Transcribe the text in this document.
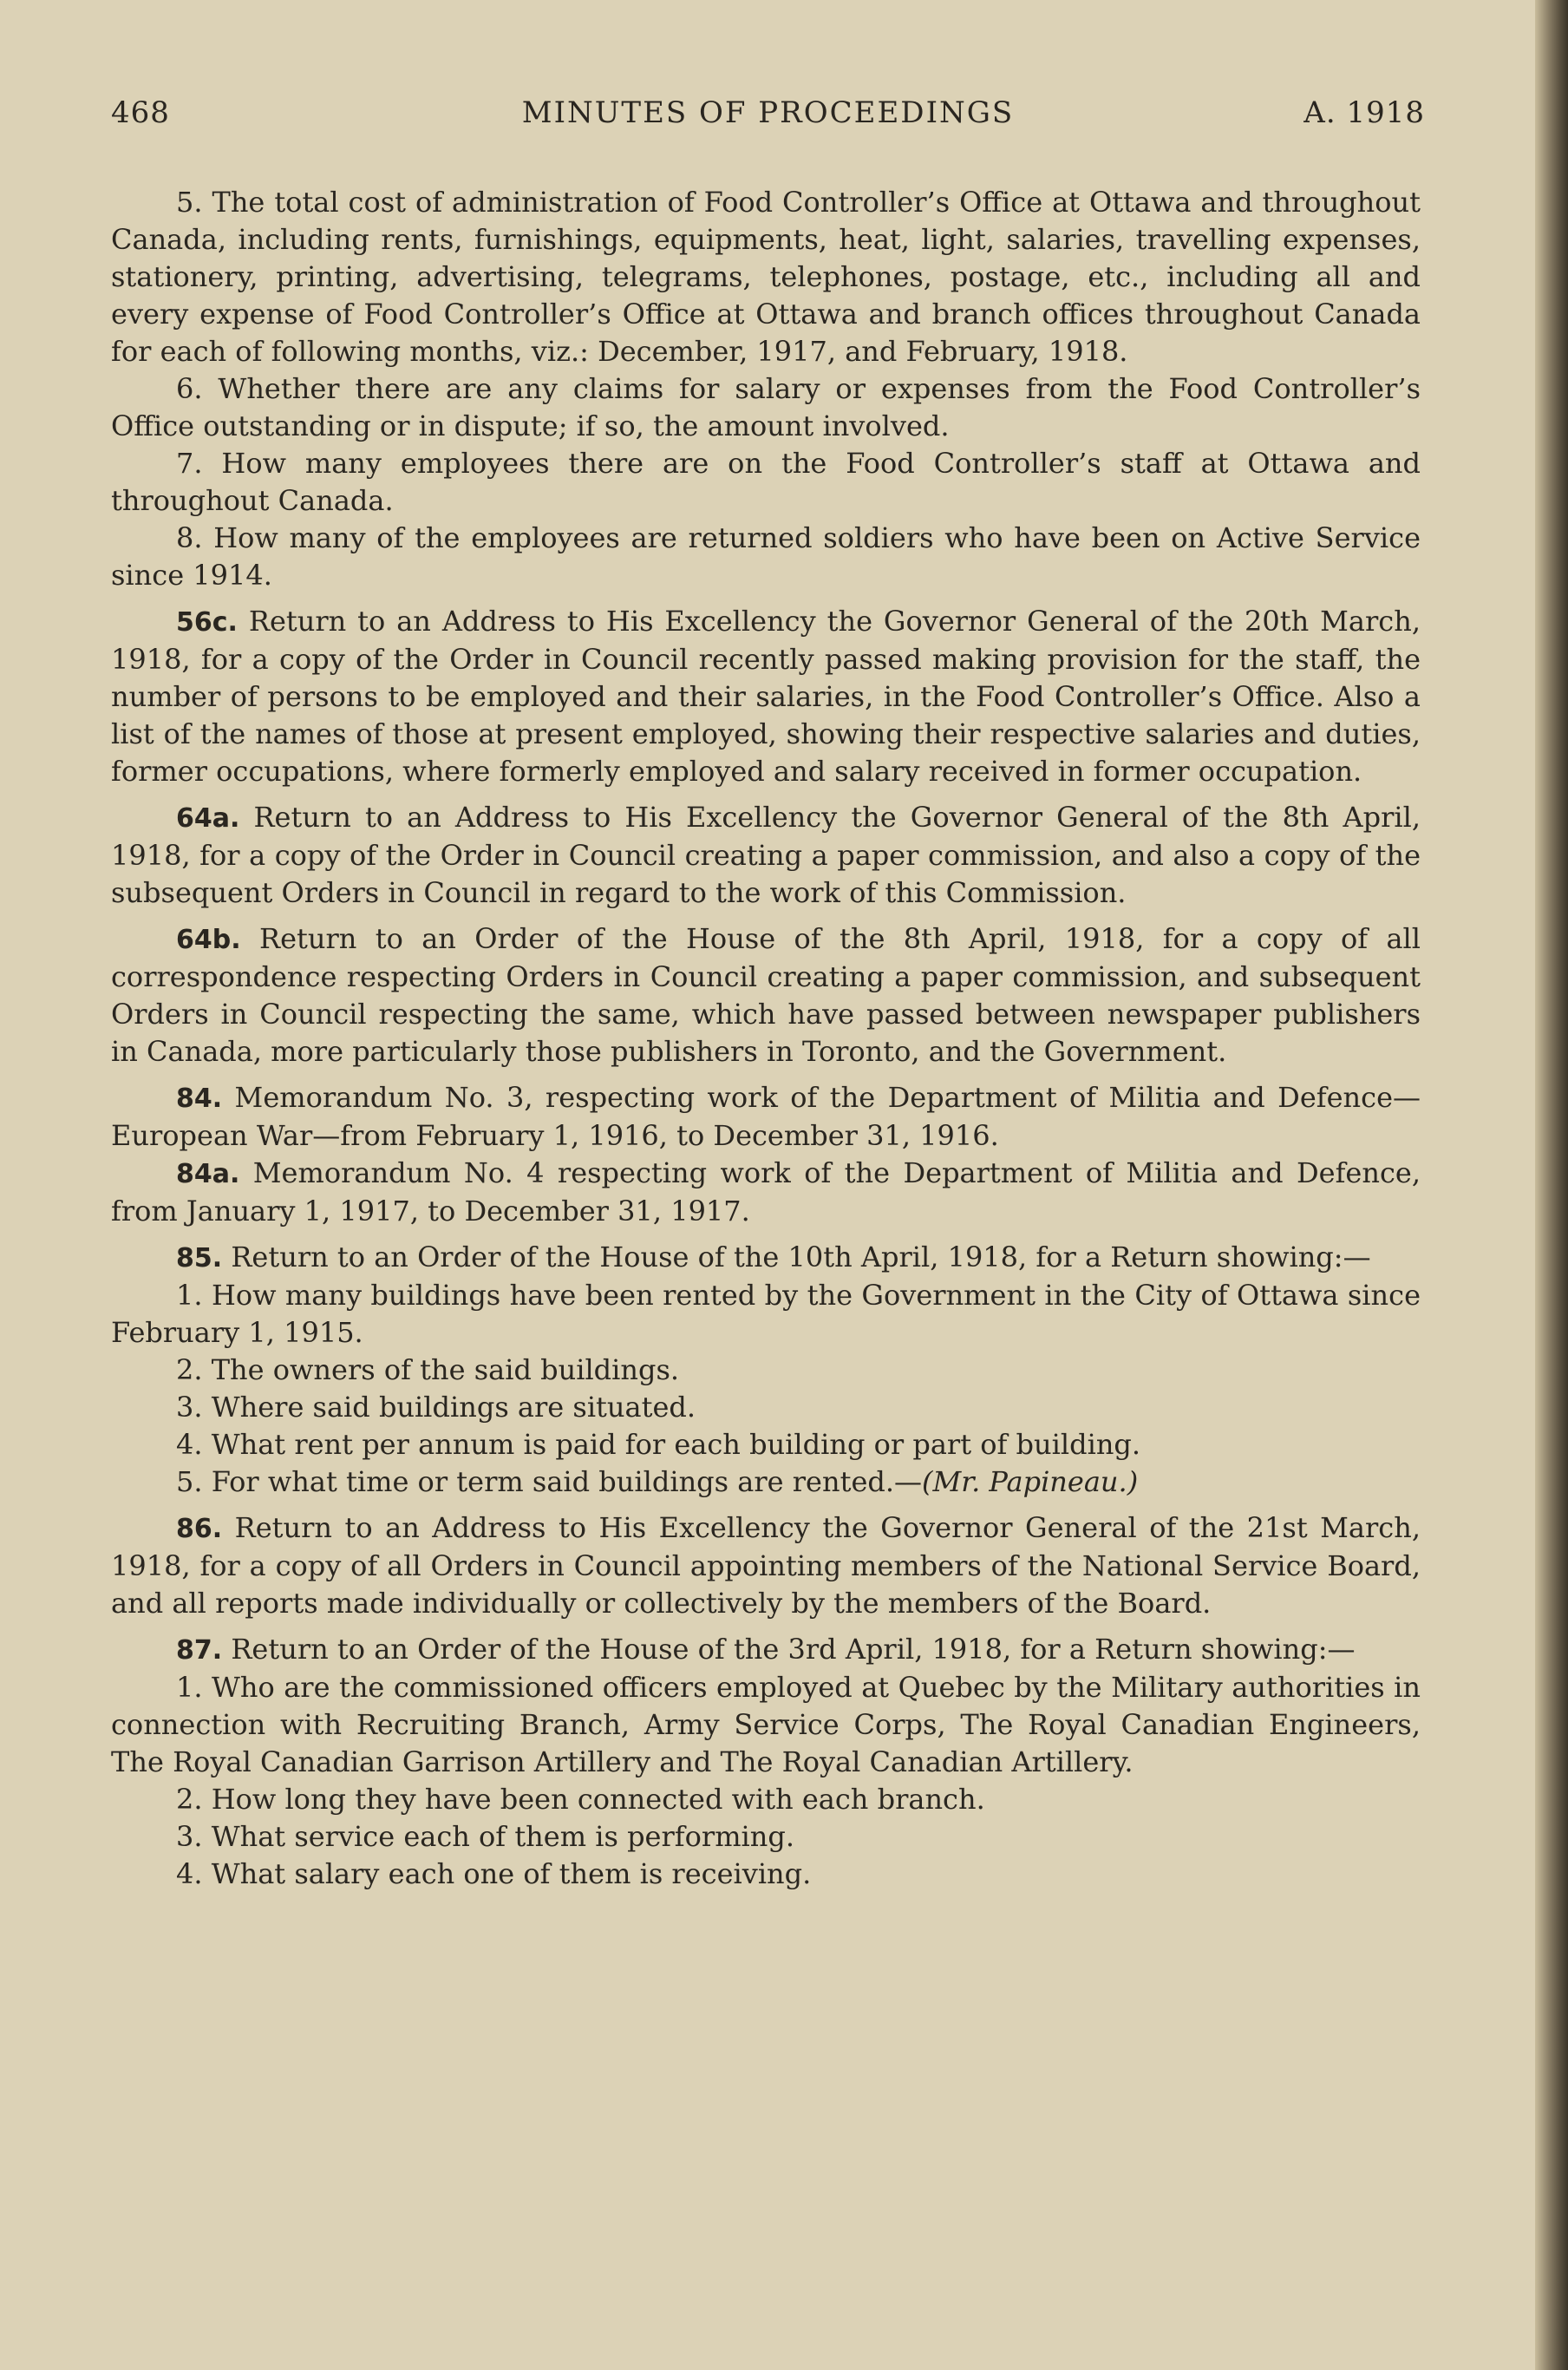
468	MINUTES OF PROCEEDINGS	A. 1918

5. The total cost of administration of Food Controller’s Office at Ottawa and throughout Canada, including rents, furnishings, equipments, heat, light, salaries, travelling expenses, stationery, printing, advertising, telegrams, telephones, postage, etc., including all and every expense of Food Controller’s Office at Ottawa and branch offices throughout Canada for each of following months, viz.: December, 1917, and February, 1918.

6. Whether there are any claims for salary or expenses from the Food Controller’s Office outstanding or in dispute; if so, the amount involved.

7. How many employees there are on the Food Controller’s staff at Ottawa and throughout Canada.

8. How many of the employees are returned soldiers who have been on Active Service since 1914.

56c. Return to an Address to His Excellency the Governor General of the 20th March, 1918, for a copy of the Order in Council recently passed making provision for the staff, the number of persons to be employed and their salaries, in the Food Controller’s Office. Also a list of the names of those at present employed, showing their respective salaries and duties, former occupations, where formerly employed and salary received in former occupation.

64a. Return to an Address to His Excellency the Governor General of the 8th April, 1918, for a copy of the Order in Council creating a paper commission, and also a copy of the subsequent Orders in Council in regard to the work of this Commission.

64b. Return to an Order of the House of the 8th April, 1918, for a copy of all correspondence respecting Orders in Council creating a paper commission, and subsequent Orders in Council respecting the same, which have passed between newspaper publishers in Canada, more particularly those publishers in Toronto, and the Government.

84. Memorandum No. 3, respecting work of the Department of Militia and Defence—European War—from February 1, 1916, to December 31, 1916.

84a. Memorandum No. 4 respecting work of the Department of Militia and Defence, from January 1, 1917, to December 31, 1917.

85. Return to an Order of the House of the 10th April, 1918, for a Return showing:—

1. How many buildings have been rented by the Government in the City of Ottawa since February 1, 1915.

2. The owners of the said buildings.

3. Where said buildings are situated.

4. What rent per annum is paid for each building or part of building.

5. For what time or term said buildings are rented.—(Mr. Papineau.)

86. Return to an Address to His Excellency the Governor General of the 21st March, 1918, for a copy of all Orders in Council appointing members of the National Service Board, and all reports made individually or collectively by the members of the Board.

87. Return to an Order of the House of the 3rd April, 1918, for a Return showing:—

1. Who are the commissioned officers employed at Quebec by the Military authorities in connection with Recruiting Branch, Army Service Corps, The Royal Canadian Engineers, The Royal Canadian Garrison Artillery and The Royal Canadian Artillery.

2. How long they have been connected with each branch.

3. What service each of them is performing.

4. What salary each one of them is receiving.
